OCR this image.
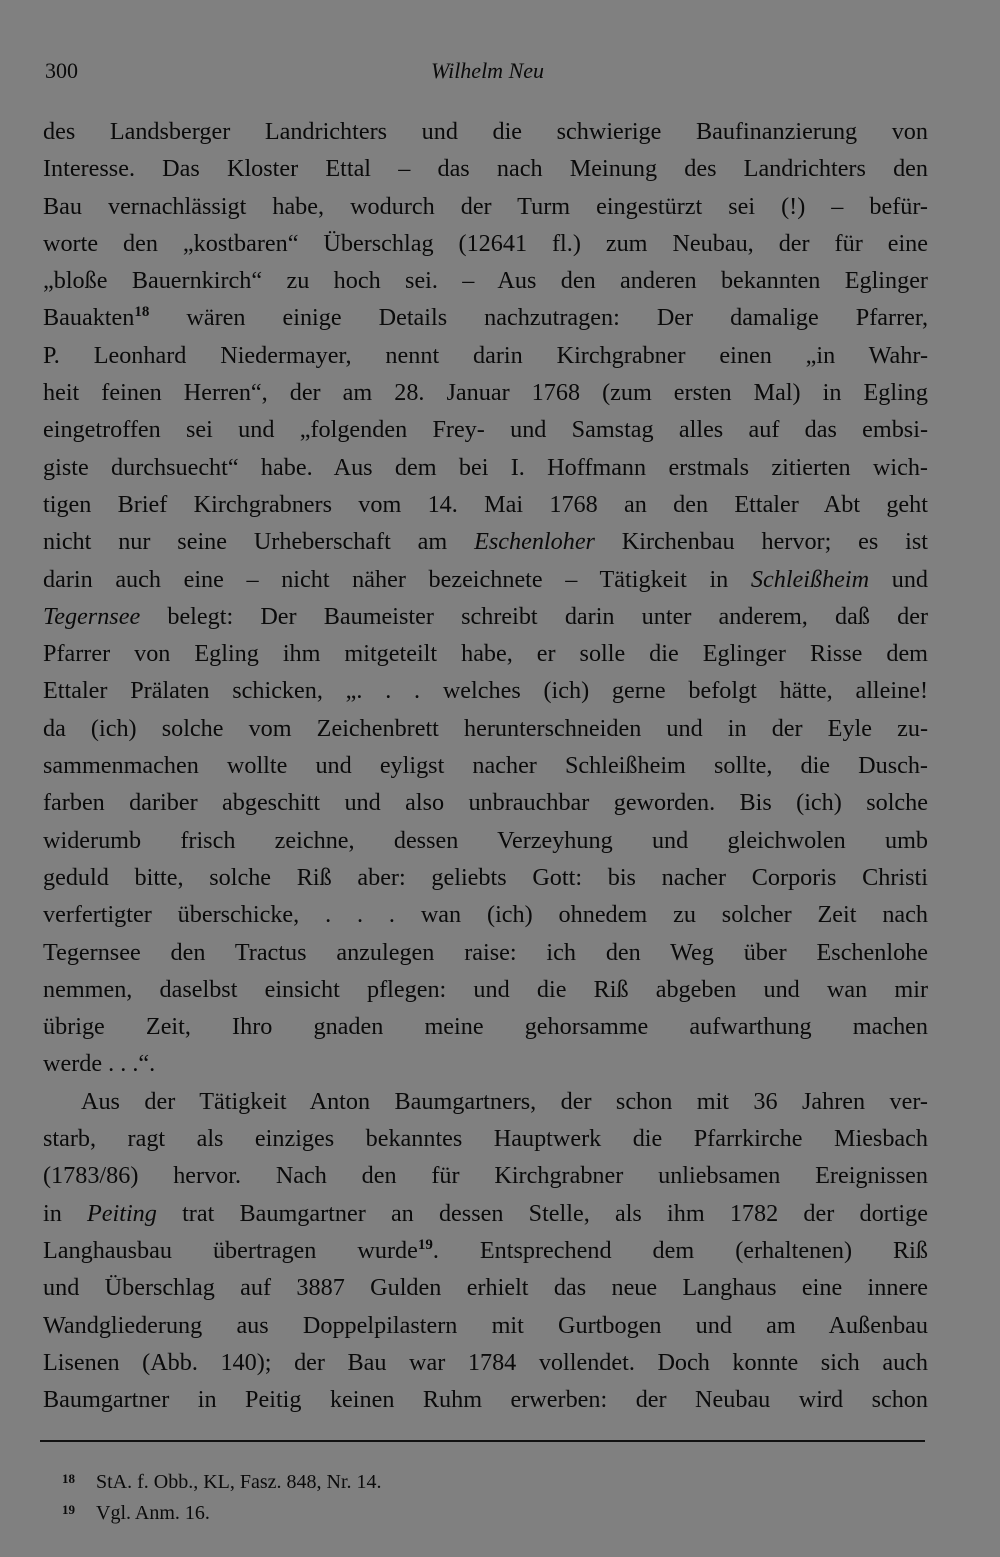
300	Wilhelm Neu
des Landsberger Landrichters und die schwierige Baufinanzierung von
Interesse. Das Kloster Ettal – das nach Meinung des Landrichters den
Bau vernachlässigt habe, wodurch der Turm eingestürzt sei (!) – befür-
worte den „kostbaren“ Überschlag (12641 fl.) zum Neubau, der für eine
„bloße Bauernkirch“ zu hoch sei. – Aus den anderen bekannten Eglinger
Bauakten$^{18}$ wären einige Details nachzutragen: Der damalige Pfarrer,
P. Leonhard Niedermayer, nennt darin Kirchgrabner einen „in Wahr-
heit feinen Herren“, der am 28. Januar 1768 (zum ersten Mal) in Egling
eingetroffen sei und „folgenden Frey- und Samstag alles auf das embsi-
giste durchsuecht“ habe. Aus dem bei I. Hoffmann erstmals zitierten wich-
tigen Brief Kirchgrabners vom 14. Mai 1768 an den Ettaler Abt geht
nicht nur seine Urheberschaft am Eschenloher Kirchenbau hervor; es ist
darin auch eine – nicht näher bezeichnete – Tätigkeit in Schleißheim und
Tegernsee belegt: Der Baumeister schreibt darin unter anderem, daß der
Pfarrer von Egling ihm mitgeteilt habe, er solle die Eglinger Risse dem
Ettaler Prälaten schicken, „. . . welches (ich) gerne befolgt hätte, alleine!
da (ich) solche vom Zeichenbrett herunterschneiden und in der Eyle zu-
sammenmachen wollte und eyligst nacher Schleißheim sollte, die Dusch-
farben dariber abgeschitt und also unbrauchbar geworden. Bis (ich) solche
widerumb frisch zeichne, dessen Verzeyhung und gleichwolen umb
geduld bitte, solche Riß aber: geliebts Gott: bis nacher Corporis Christi
verfertigter überschicke, . . . wan (ich) ohnedem zu solcher Zeit nach
Tegernsee den Tractus anzulegen raise: ich den Weg über Eschenlohe
nemmen, daselbst einsicht pflegen: und die Riß abgeben und wan mir
übrige Zeit, Ihro gnaden meine gehorsamme aufwarthung machen
werde . . .“.
Aus der Tätigkeit Anton Baumgartners, der schon mit 36 Jahren ver-
starb, ragt als einziges bekanntes Hauptwerk die Pfarrkirche Miesbach
(1783/86) hervor. Nach den für Kirchgrabner unliebsamen Ereignissen
in Peiting trat Baumgartner an dessen Stelle, als ihm 1782 der dortige
Langhausbau übertragen wurde$^{19}$. Entsprechend dem (erhaltenen) Riß
und Überschlag auf 3887 Gulden erhielt das neue Langhaus eine innere
Wandgliederung aus Doppelpilastern mit Gurtbogen und am Außenbau
Lisenen (Abb. 140); der Bau war 1784 vollendet. Doch konnte sich auch
Baumgartner in Peitig keinen Ruhm erwerben: der Neubau wird schon
18 StA. f. Obb., KL, Fasz. 848, Nr. 14.
19 Vgl. Anm. 16.
